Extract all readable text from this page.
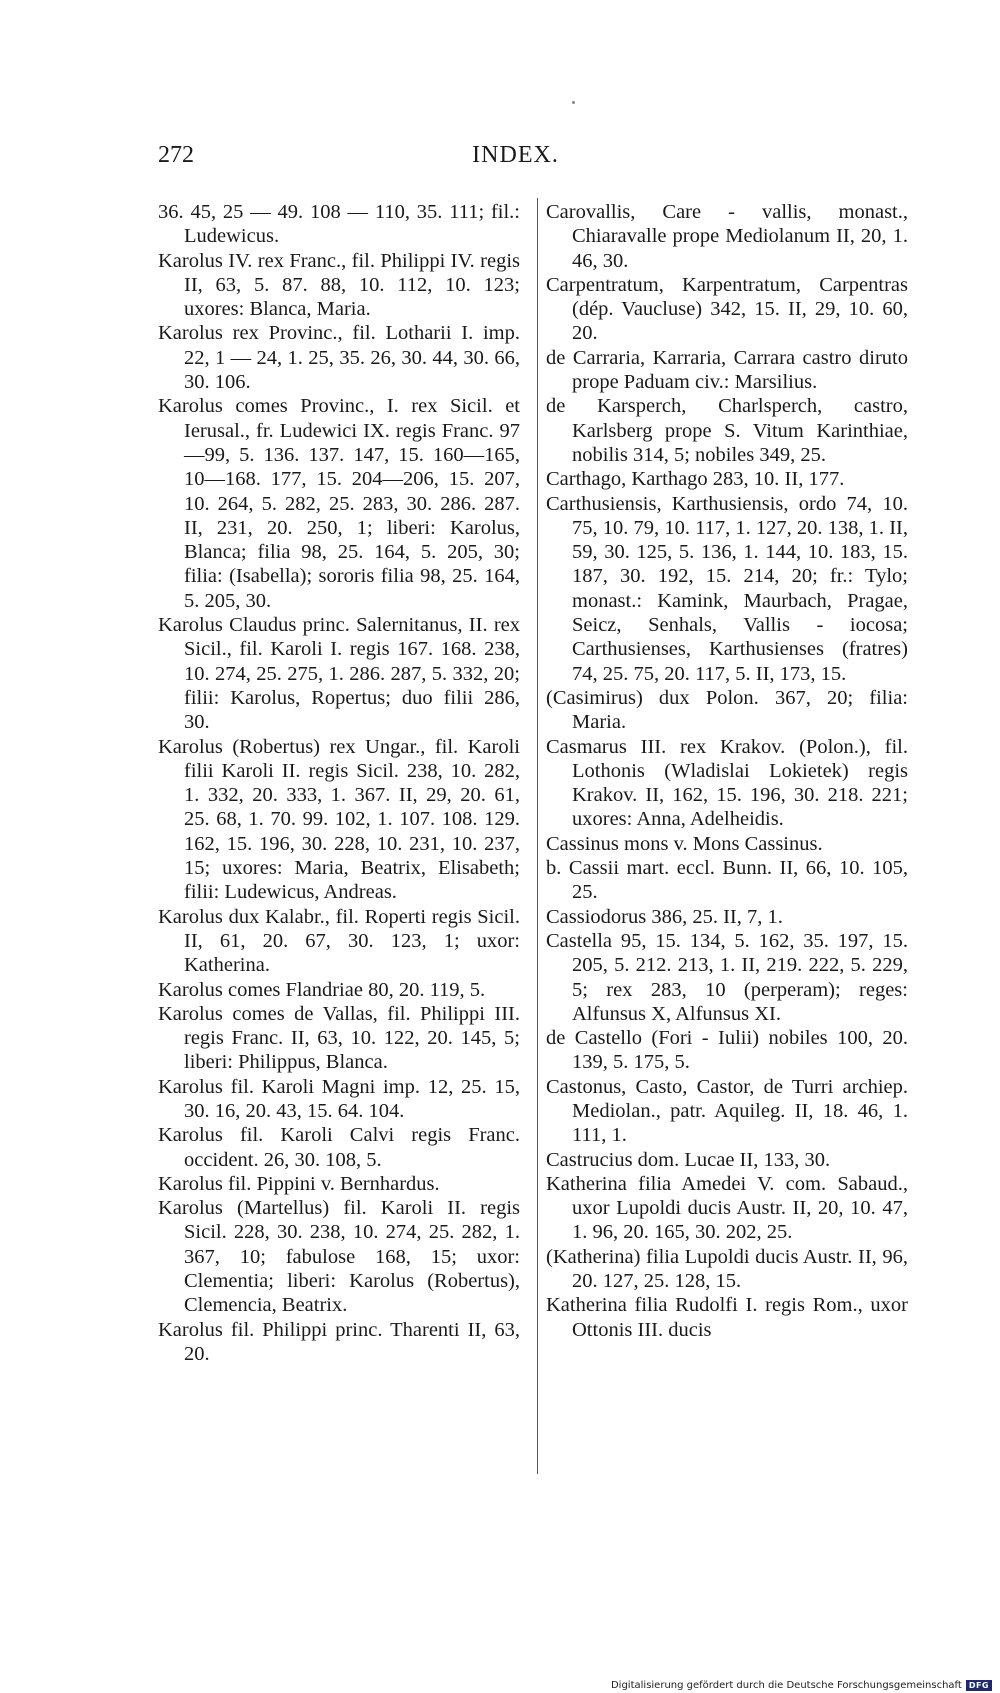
272	INDEX.

36. 45, 25 — 49. 108 — 110, 35. 111; fil.: Ludewicus.

Karolus IV. rex Franc., fil. Philippi IV. regis II, 63, 5. 87. 88, 10. 112, 10. 123; uxores: Blanca, Maria.

Karolus rex Provinc., fil. Lotharii I. imp. 22, 1 — 24, 1. 25, 35. 26, 30. 44, 30. 66, 30. 106.

Karolus comes Provinc., I. rex Sicil. et Ierusal., fr. Ludewici IX. regis Franc. 97—99, 5. 136. 137. 147, 15. 160—165, 10—168. 177, 15. 204—206, 15. 207, 10. 264, 5. 282, 25. 283, 30. 286. 287. II, 231, 20. 250, 1; liberi: Karolus, Blanca; filia 98, 25. 164, 5. 205, 30; filia: (Isabella); sororis filia 98, 25. 164, 5. 205, 30.

Karolus Claudus princ. Salernitanus, II. rex Sicil., fil. Karoli I. regis 167. 168. 238, 10. 274, 25. 275, 1. 286. 287, 5. 332, 20; filii: Karolus, Ropertus; duo filii 286, 30.

Karolus (Robertus) rex Ungar., fil. Karoli filii Karoli II. regis Sicil. 238, 10. 282, 1. 332, 20. 333, 1. 367. II, 29, 20. 61, 25. 68, 1. 70. 99. 102, 1. 107. 108. 129. 162, 15. 196, 30. 228, 10. 231, 10. 237, 15; uxores: Maria, Beatrix, Elisabeth; filii: Ludewicus, Andreas.

Karolus dux Kalabr., fil. Roperti regis Sicil. II, 61, 20. 67, 30. 123, 1; uxor: Katherina.

Karolus comes Flandriae 80, 20. 119, 5.

Karolus comes de Vallas, fil. Philippi III. regis Franc. II, 63, 10. 122, 20. 145, 5; liberi: Philippus, Blanca.

Karolus fil. Karoli Magni imp. 12, 25. 15, 30. 16, 20. 43, 15. 64. 104.

Karolus fil. Karoli Calvi regis Franc. occident. 26, 30. 108, 5.

Karolus fil. Pippini v. Bernhardus.

Karolus (Martellus) fil. Karoli II. regis Sicil. 228, 30. 238, 10. 274, 25. 282, 1. 367, 10; fabulose 168, 15; uxor: Clementia; liberi: Karolus (Robertus), Clemencia, Beatrix.

Karolus fil. Philippi princ. Tharenti II, 63, 20.

Carovallis, Care - vallis, monast., Chiaravalle prope Mediolanum II, 20, 1. 46, 30.

Carpentratum, Karpentratum, Carpentras (dép. Vaucluse) 342, 15. II, 29, 10. 60, 20.

de Carraria, Karraria, Carrara castro diruto prope Paduam civ.: Marsilius.

de Karsperch, Charlsperch, castro, Karlsberg prope S. Vitum Karinthiae, nobilis 314, 5; nobiles 349, 25.

Carthago, Karthago 283, 10. II, 177.

Carthusiensis, Karthusiensis, ordo 74, 10. 75, 10. 79, 10. 117, 1. 127, 20. 138, 1. II, 59, 30. 125, 5. 136, 1. 144, 10. 183, 15. 187, 30. 192, 15. 214, 20; fr.: Tylo; monast.: Kamink, Maurbach, Pragae, Seicz, Senhals, Vallis - iocosa; Carthusienses, Karthusienses (fratres) 74, 25. 75, 20. 117, 5. II, 173, 15.

(Casimirus) dux Polon. 367, 20; filia: Maria.

Casmarus III. rex Krakov. (Polon.), fil. Lothonis (Wladislai Lokietek) regis Krakov. II, 162, 15. 196, 30. 218. 221; uxores: Anna, Adelheidis.

Cassinus mons v. Mons Cassinus.

b. Cassii mart. eccl. Bunn. II, 66, 10. 105, 25.

Cassiodorus 386, 25. II, 7, 1.

Castella 95, 15. 134, 5. 162, 35. 197, 15. 205, 5. 212. 213, 1. II, 219. 222, 5. 229, 5; rex 283, 10 (perperam); reges: Alfunsus X, Alfunsus XI.

de Castello (Fori - Iulii) nobiles 100, 20. 139, 5. 175, 5.

Castonus, Casto, Castor, de Turri archiep. Mediolan., patr. Aquileg. II, 18. 46, 1. 111, 1.

Castrucius dom. Lucae II, 133, 30.

Katherina filia Amedei V. com. Sabaud., uxor Lupoldi ducis Austr. II, 20, 10. 47, 1. 96, 20. 165, 30. 202, 25.

(Katherina) filia Lupoldi ducis Austr. II, 96, 20. 127, 25. 128, 15.

Katherina filia Rudolfi I. regis Rom., uxor Ottonis III. ducis

Digitalisierung gefördert durch die Deutsche Forschungsgemeinschaft DFG
